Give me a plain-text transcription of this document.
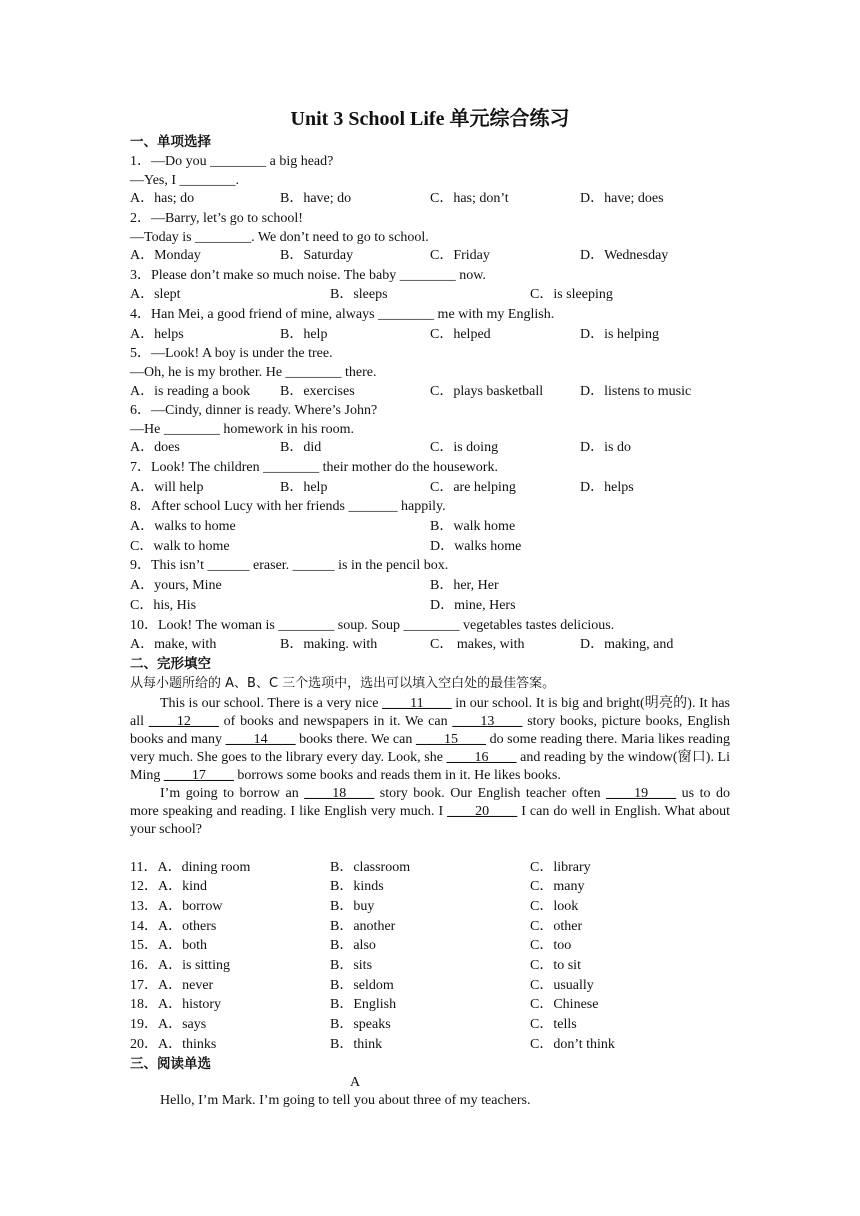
Unit 3 School Life 单元综合练习
一、单项选择
1．—Do you ________ a big head?
—Yes, I ________.
A．has; do	B．have; do	C．has; don’t	D．have; does
2．—Barry, let’s go to school!
—Today is ________. We don’t need to go to school.
A．Monday	B．Saturday	C．Friday	D．Wednesday
3．Please don’t make so much noise. The baby ________ now.
A．slept	B．sleeps	C．is sleeping
4．Han Mei, a good friend of mine, always ________ me with my English.
A．helps	B．help	C．helped	D．is helping
5．—Look! A boy is under the tree.
—Oh, he is my brother. He ________ there.
A．is reading a book B．exercises	C．plays basketball	D．listens to music
6．—Cindy, dinner is ready. Where’s John?
—He ________ homework in his room.
A．does	B．did	C．is doing	D．is do
7．Look! The children ________ their mother do the housework.
A．will help	B．help	C．are helping	D．helps
8．After school Lucy with her friends _______ happily.
A．walks to home	B．walk home
C．walk to home	D．walks home
9．This isn’t ______ eraser. ______ is in the pencil box.
A．yours, Mine	B．her, Her
C．his, His	D．mine, Hers
10．Look! The woman is ________ soup. Soup ________ vegetables tastes delicious.
A．make, with	B．making. with	C． makes, with	D．making, and
二、完形填空
从每小题所给的 A、B、C 三个选项中，选出可以填入空白处的最佳答案。

This is our school. There is a very nice ____11____ in our school. It is big and bright(明亮的). It has all ____12____ of books and newspapers in it. We can ____13____ story books, picture books, English books and many ____14____ books there. We can ____15____ do some reading there. Maria likes reading very much. She goes to the library every day. Look, she ____16____ and reading by the window(窗口). Li Ming ____17____ borrows some books and reads them in it. He likes books.

I’m going to borrow an ____18____ story book. Our English teacher often ____19____ us to do more speaking and reading. I like English very much. I ____20____ I can do well in English. What about your school?

11．A．dining room	B．classroom	C．library
12．A．kind	B．kinds	C．many
13．A．borrow	B．buy	C．look
14．A．others	B．another	C．other
15．A．both	B．also	C．too
16．A．is sitting	B．sits	C．to sit
17．A．never	B．seldom	C．usually
18．A．history	B．English	C．Chinese
19．A．says	B．speaks	C．tells
20．A．thinks	B．think	C．don’t think
三、阅读单选
A
Hello, I’m Mark. I’m going to tell you about three of my teachers.
